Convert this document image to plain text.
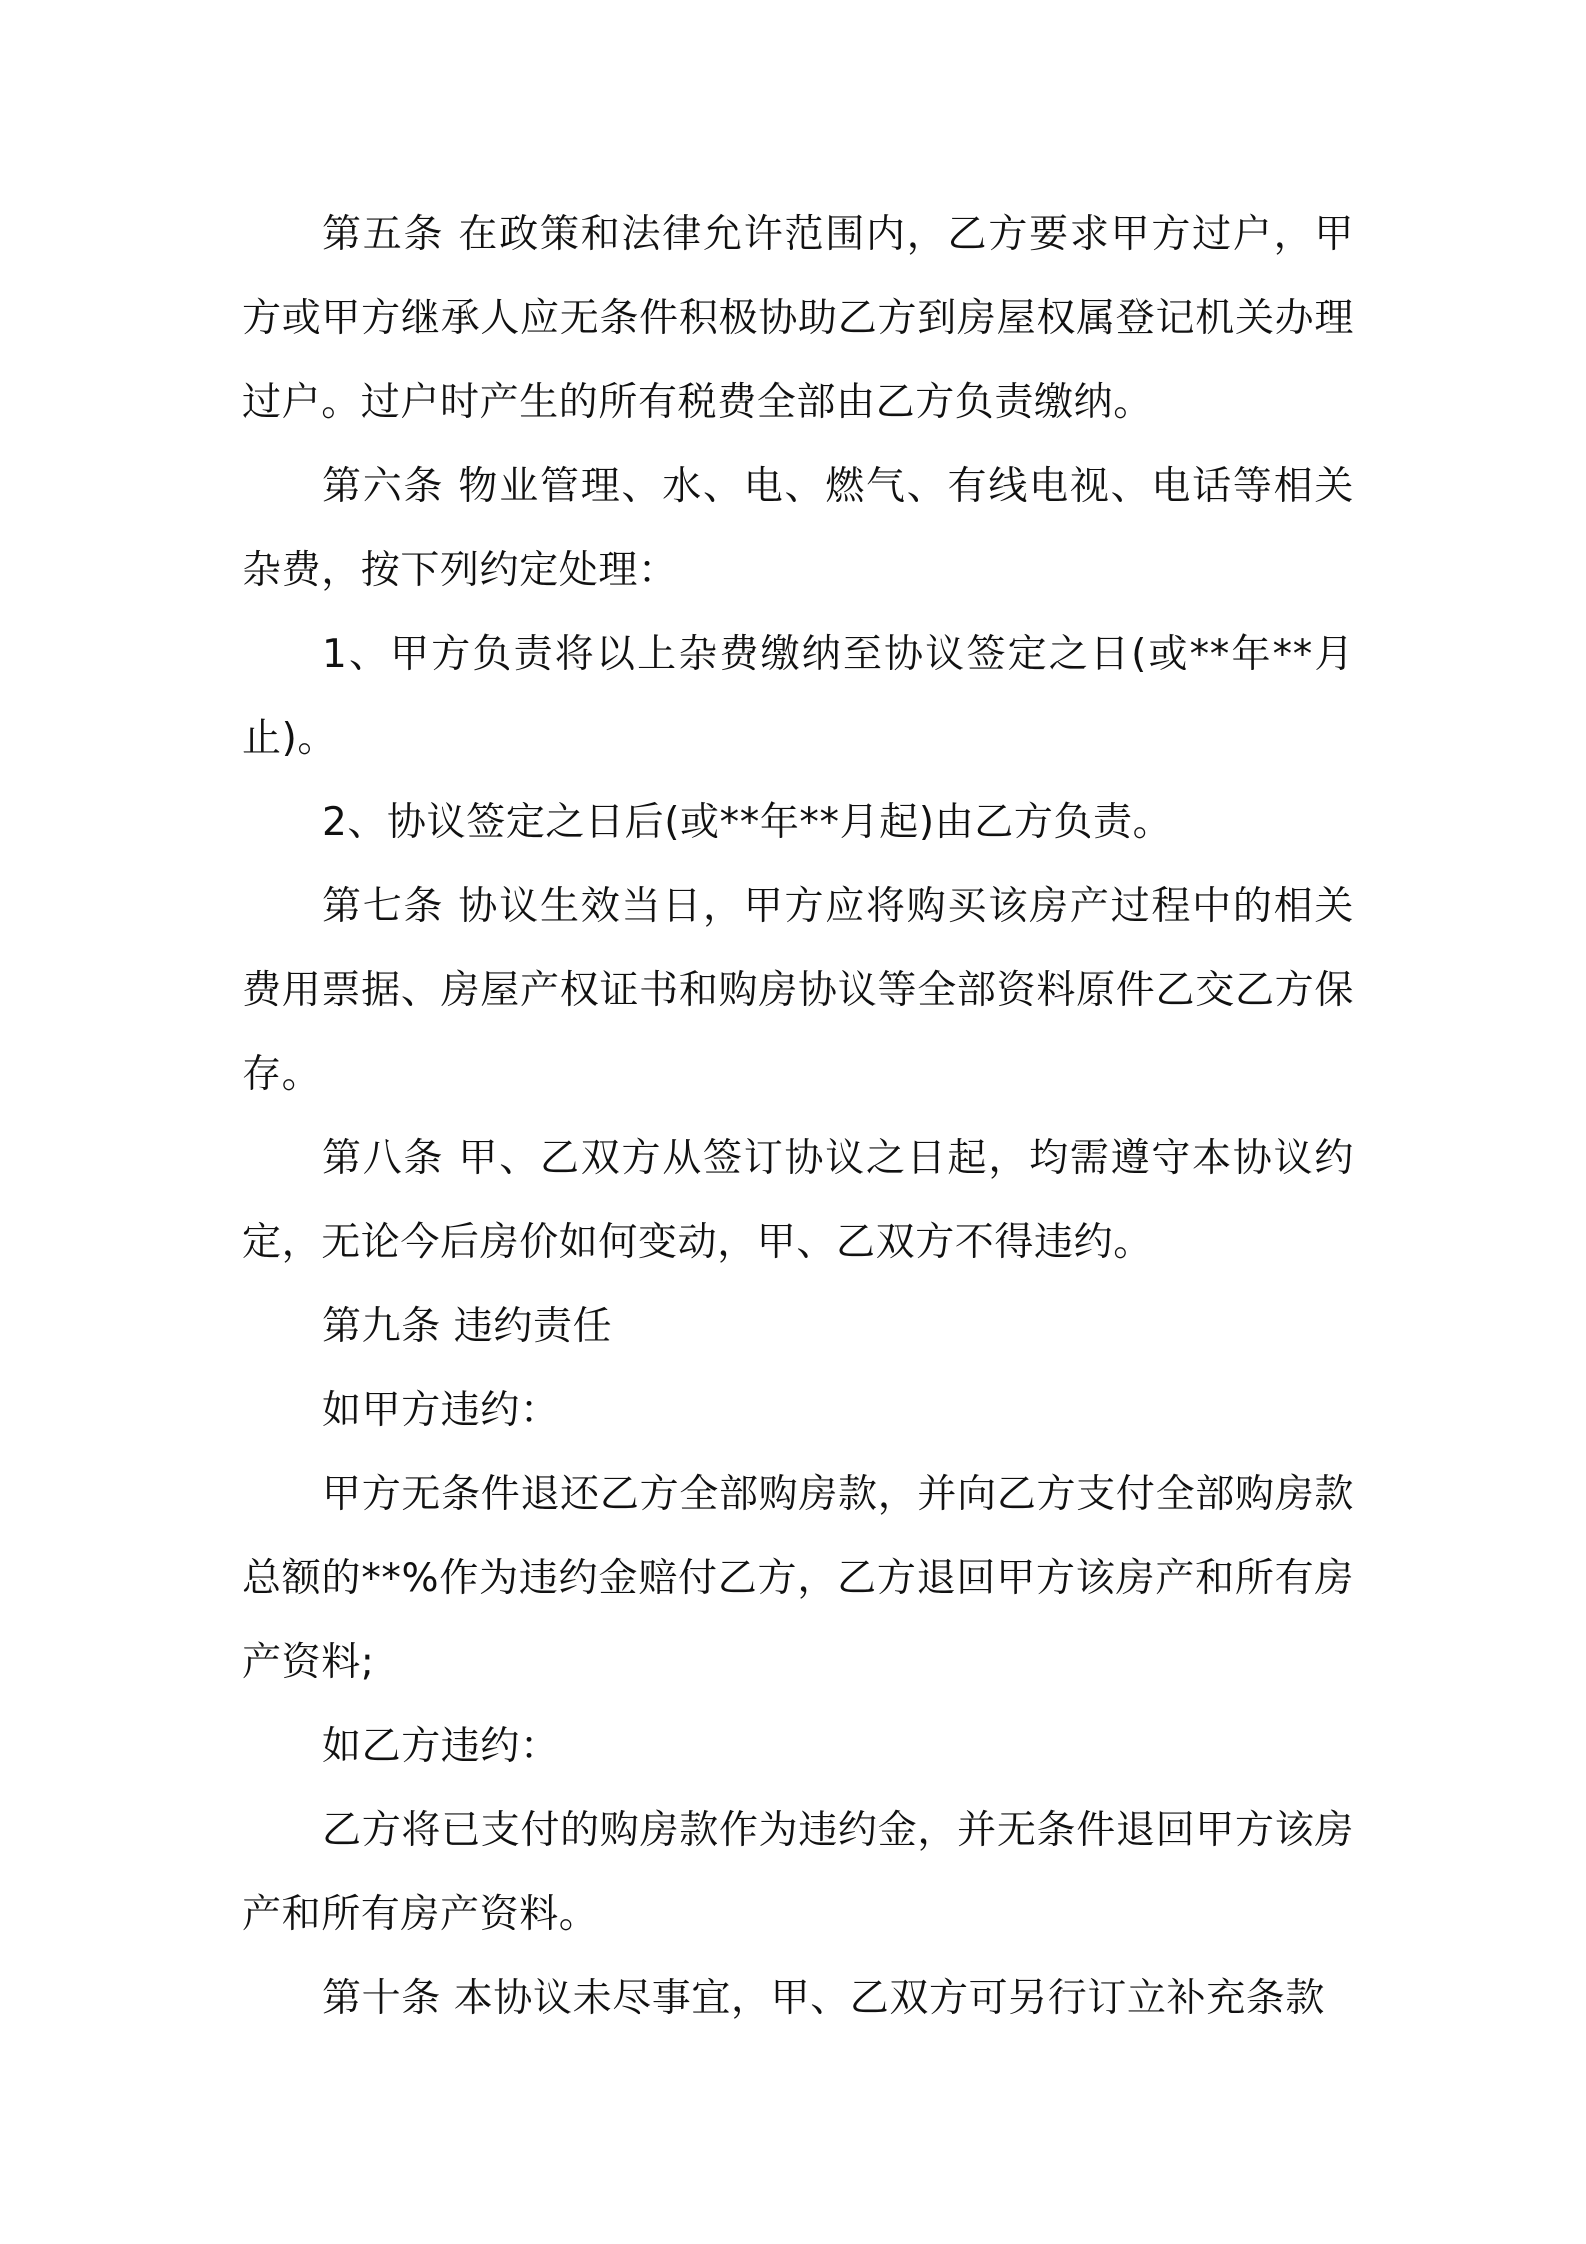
第五条 在政策和法律允许范围内，乙方要求甲方过户，甲方或甲方继承人应无条件积极协助乙方到房屋权属登记机关办理过户。过户时产生的所有税费全部由乙方负责缴纳。

第六条 物业管理、水、电、燃气、有线电视、电话等相关杂费，按下列约定处理：

1、甲方负责将以上杂费缴纳至协议签定之日(或**年**月止)。

2、协议签定之日后(或**年**月起)由乙方负责。

第七条 协议生效当日，甲方应将购买该房产过程中的相关费用票据、房屋产权证书和购房协议等全部资料原件乙交乙方保存。

第八条 甲、乙双方从签订协议之日起，均需遵守本协议约定，无论今后房价如何变动，甲、乙双方不得违约。

第九条 违约责任

如甲方违约：

甲方无条件退还乙方全部购房款，并向乙方支付全部购房款总额的**%作为违约金赔付乙方，乙方退回甲方该房产和所有房产资料;

如乙方违约：

乙方将已支付的购房款作为违约金，并无条件退回甲方该房产和所有房产资料。

第十条 本协议未尽事宜，甲、乙双方可另行订立补充条款
